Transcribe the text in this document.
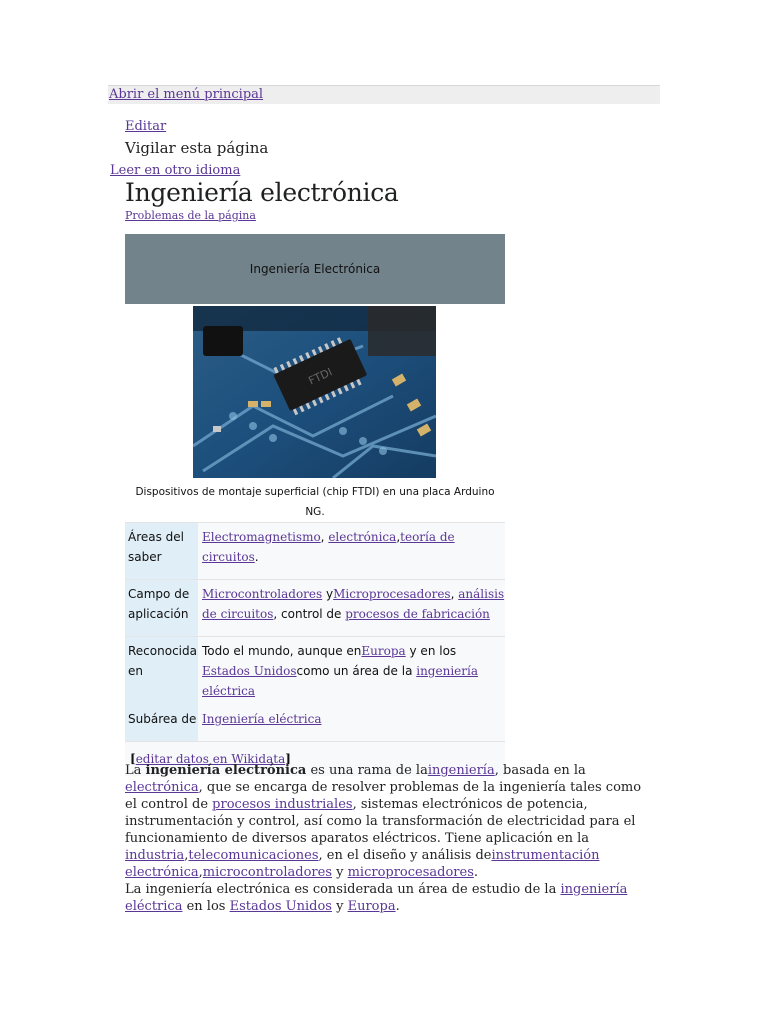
Abrir el menú principal
Editar
Vigilar esta página
Leer en otro idioma
Ingeniería electrónica
Problemas de la página
Ingeniería Electrónica
FTDI
Dispositivos de montaje superficial (chip FTDI) en una placa Arduino NG.
Áreas del saber
Electromagnetismo, electrónica,teoría de circuitos.
Campo de aplicación
Microcontroladores yMicroprocesadores, análisis de circuitos, control de procesos de fabricación
Reconocida en
Todo el mundo, aunque enEuropa y en los Estados Unidoscomo un área de la ingeniería eléctrica
Subárea de Ingeniería eléctrica
[ editar datos en Wikidata ]
La ingeniería electrónica es una rama de laingeniería, basada en la electrónica, que se encarga de resolver problemas de la ingeniería tales como el control de procesos industriales, sistemas electrónicos de potencia, instrumentación y control, así como la transformación de electricidad para el funcionamiento de diversos aparatos eléctricos. Tiene aplicación en la industria,telecomunicaciones, en el diseño y análisis deinstrumentación electrónica,microcontroladores y microprocesadores.
La ingeniería electrónica es considerada un área de estudio de la ingeniería eléctrica en los Estados Unidos y Europa.
